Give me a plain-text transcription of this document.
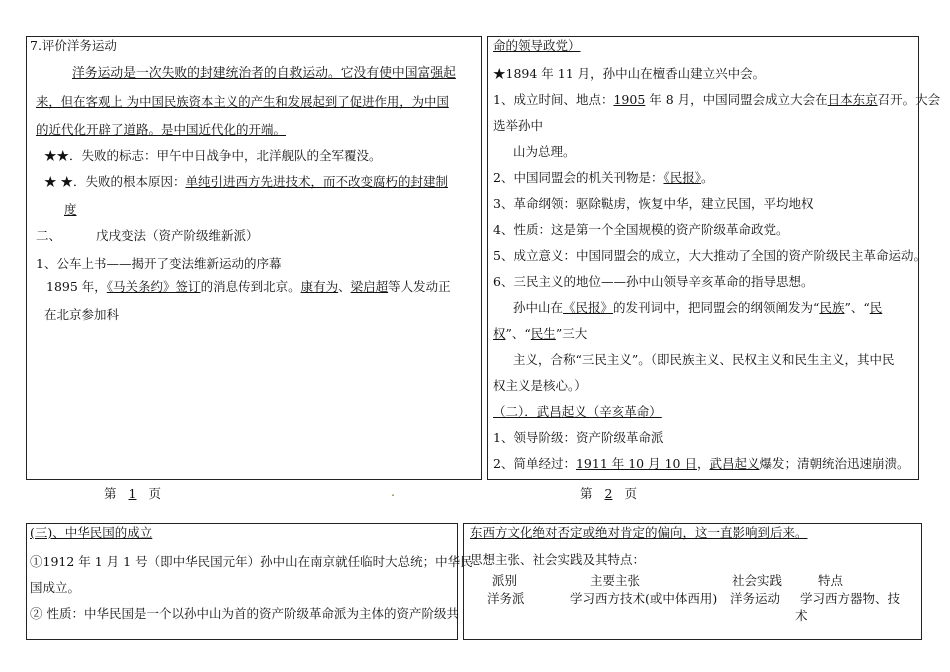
7.评价洋务运动
洋务运动是一次失败的封建统治者的自救运动。它没有使中国富强起
来，但在客观上 为中国民族资本主义的产生和发展起到了促进作用，为中国
的近代化开辟了道路。是中国近代化的开端。
★★．失败的标志：甲午中日战争中，北洋舰队的全军覆没。
★ ★．失败的根本原因：单纯引进西方先进技术，而不改变腐朽的封建制
度
二、	戊戌变法（资产阶级维新派）
1、公车上书——揭开了变法维新运动的序幕
1895 年，《马关条约》签订的消息传到北京。康有为、梁启超等人发动正
在北京参加科
命的领导政党）
★1894 年 11 月，孙中山在檀香山建立兴中会。
1、成立时间、地点：1905 年 8 月，中国同盟会成立大会在日本东京召开。大会
选举孙中
山为总理。
2、中国同盟会的机关刊物是：《民报》。
3、革命纲领：驱除鞑虏，恢复中华，建立民国，平均地权
4、性质：这是第一个全国规模的资产阶级革命政党。
5、成立意义：中国同盟会的成立，大大推动了全国的资产阶级民主革命运动。
6、三民主义的地位——孙中山领导辛亥革命的指导思想。
孙中山在《民报》的发刊词中，把同盟会的纲领阐发为“民族”、“民
权”、“民生”三大
主义，合称“三民主义”。（即民族主义、民权主义和民生主义，其中民
权主义是核心。）
（二）．武昌起义（辛亥革命）
1、领导阶级：资产阶级革命派
2、简单经过：1911 年 10 月 10 日，武昌起义爆发；清朝统治迅速崩溃。
第 1 页	.	第 2 页
(三)、中华民国的成立
①1912 年 1 月 1 号（即中华民国元年）孙中山在南京就任临时大总统；中华民
国成立。
② 性质：中华民国是一个以孙中山为首的资产阶级革命派为主体的资产阶级共
东西方文化绝对否定或绝对肯定的偏向，这一直影响到后来。
思想主张、社会实践及其特点：
派别	主要主张	社会实践	特点
洋务派	学习西方技术(或中体西用) 洋务运动 学习西方器物、技
术
